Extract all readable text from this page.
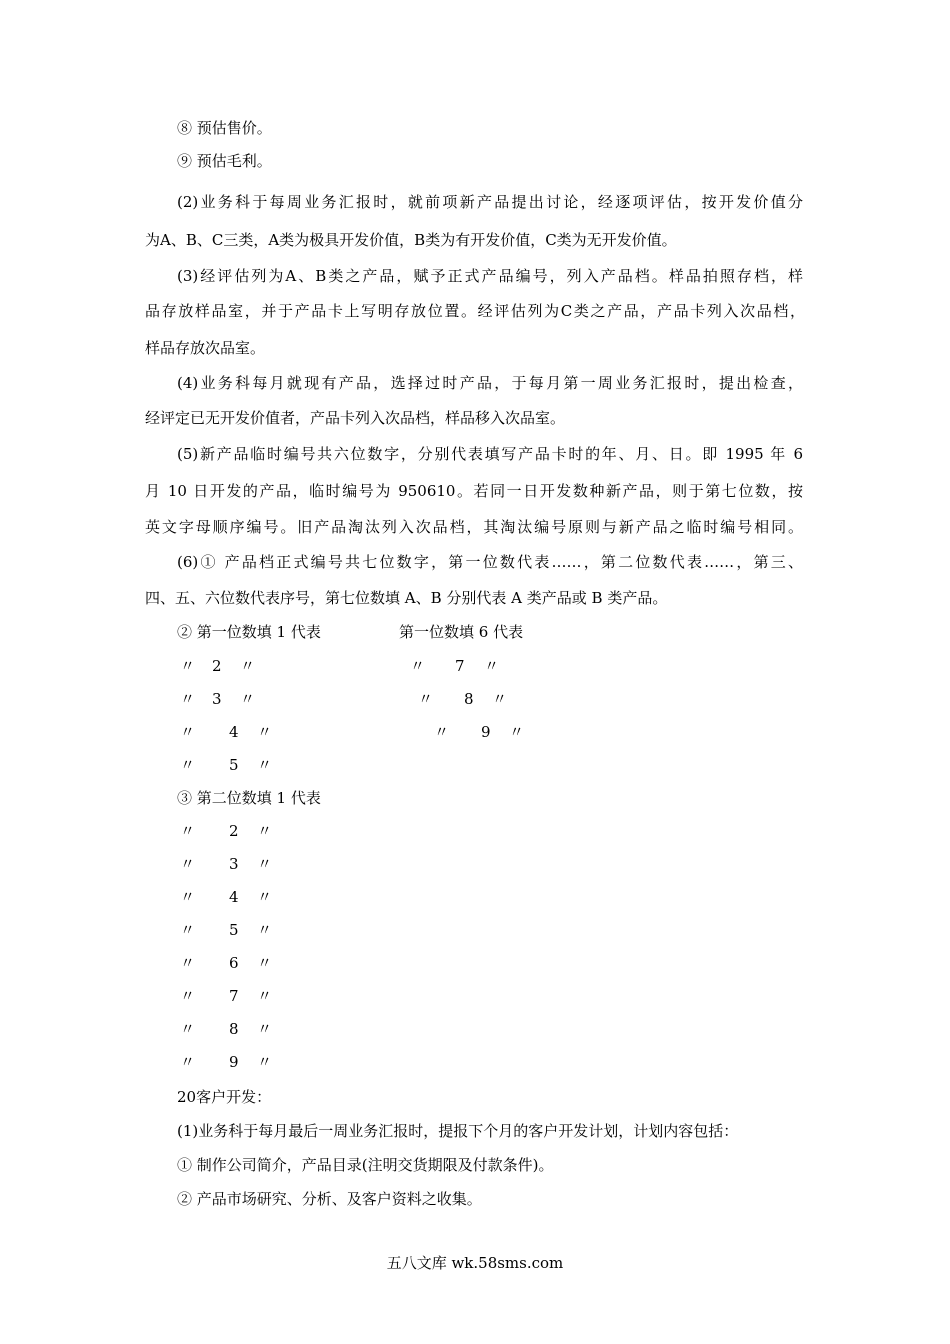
⑧ 预估售价。
⑨ 预估毛利。
(2)业务科于每周业务汇报时，就前项新产品提出讨论，经逐项评估，按开发价值分
为A、B、C三类，A类为极具开发价值，B类为有开发价值，C类为无开发价值。
(3)经评估列为A、B类之产品，赋予正式产品编号，列入产品档。样品拍照存档，样
品存放样品室，并于产品卡上写明存放位置。经评估列为C类之产品，产品卡列入次品档，
样品存放次品室。
(4)业务科每月就现有产品，选择过时产品，于每月第一周业务汇报时，提出检查，
经评定已无开发价值者，产品卡列入次品档，样品移入次品室。
(5)新产品临时编号共六位数字，分别代表填写产品卡时的年、月、日。即 1995 年 6
月 10 日开发的产品，临时编号为 950610。若同一日开发数种新产品，则于第七位数，按
英文字母顺序编号。旧产品淘汰列入次品档，其淘汰编号原则与新产品之临时编号相同。
(6)① 产品档正式编号共七位数字，第一位数代表……，第二位数代表……，第三、
四、五、六位数代表序号，第七位数填 A、B 分别代表 A 类产品或 B 类产品。
② 第一位数填 1 代表	第一位数填 6 代表
〃 2 〃
〃 3 〃
〃 4 〃
〃 5 〃
〃 7 〃
〃 8 〃
〃 9 〃
③ 第二位数填 1 代表
〃 2 〃
〃 3 〃
〃 4 〃
〃 5 〃
〃 6 〃
〃 7 〃
〃 8 〃
〃 9 〃
20客户开发：
(1)业务科于每月最后一周业务汇报时，提报下个月的客户开发计划，计划内容包括：
① 制作公司简介，产品目录(注明交货期限及付款条件)。
② 产品市场研究、分析、及客户资料之收集。
五八文库 wk.58sms.com
